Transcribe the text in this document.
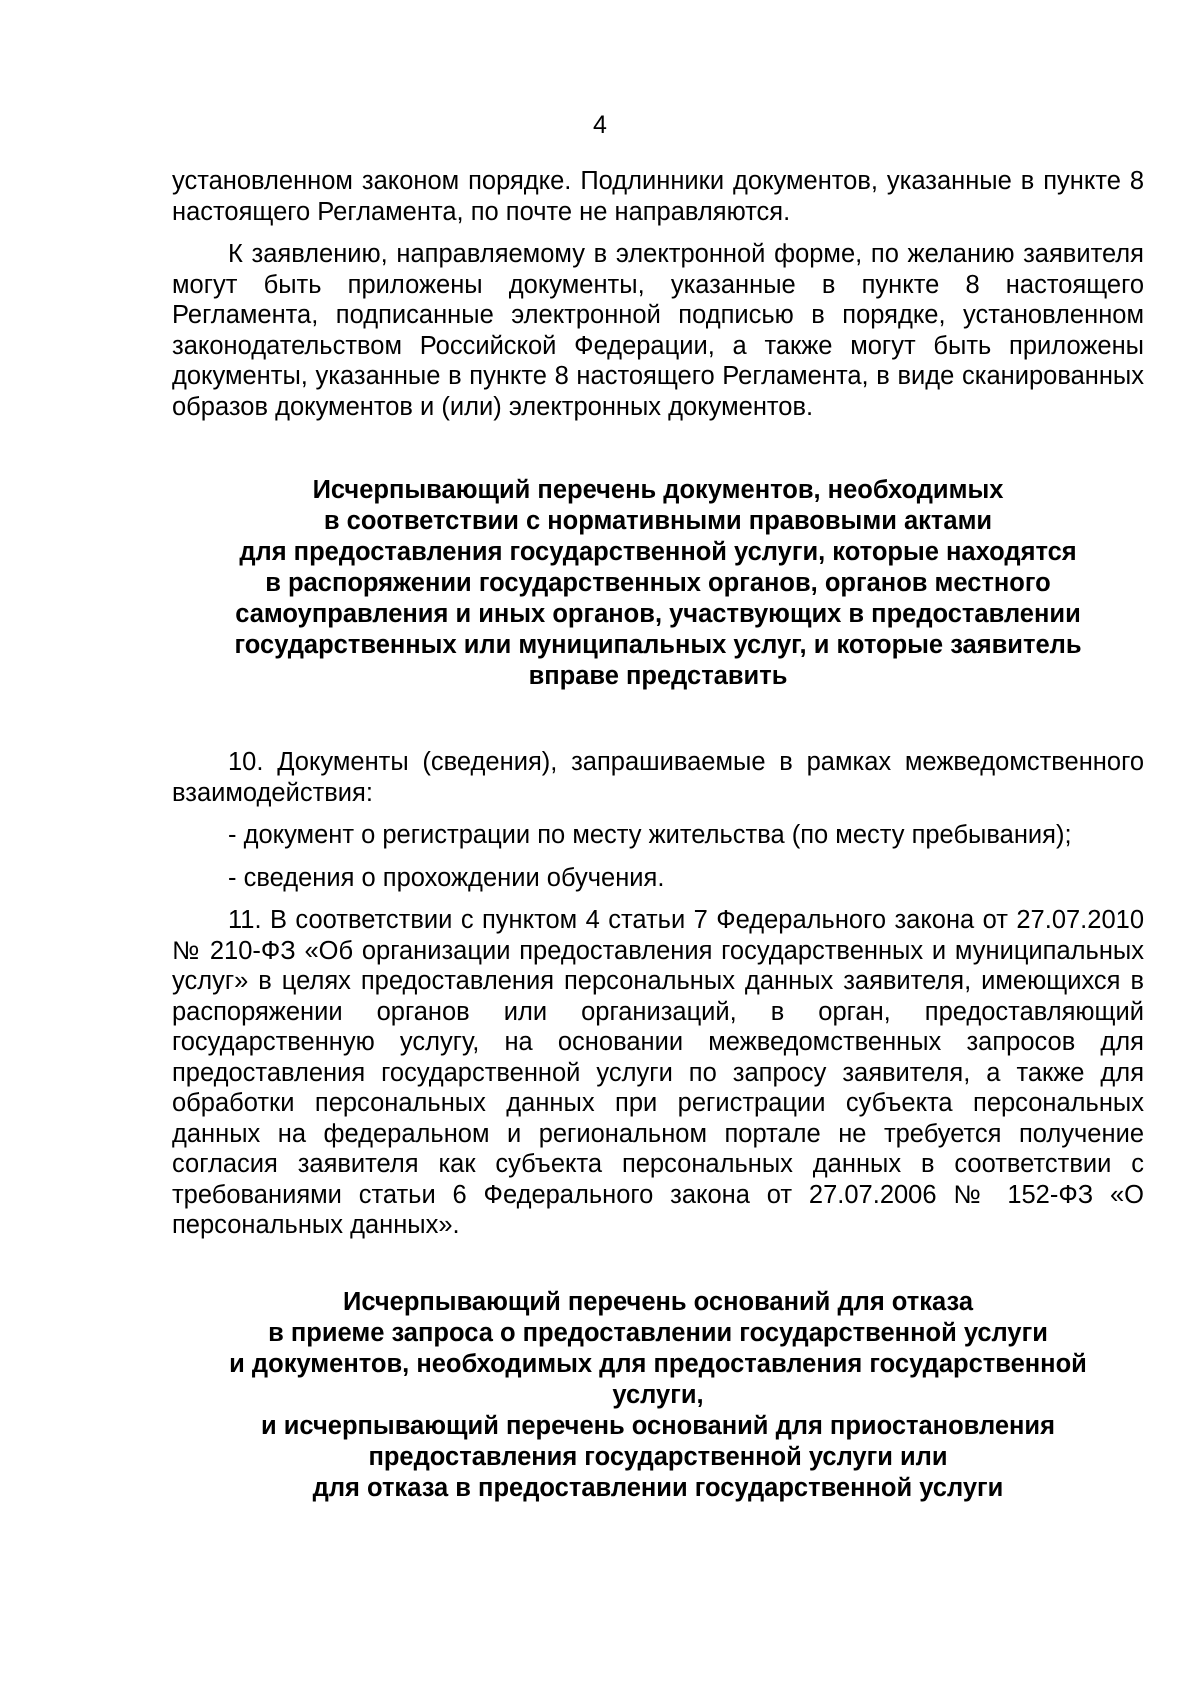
4

установленном законом порядке. Подлинники документов, указанные в пункте 8 настоящего Регламента, по почте не направляются.

К заявлению, направляемому в электронной форме, по желанию заявителя могут быть приложены документы, указанные в пункте 8 настоящего Регламента, подписанные электронной подписью в порядке, установленном законодательством Российской Федерации, а также могут быть приложены документы, указанные в пункте 8 настоящего Регламента, в виде сканированных образов документов и (или) электронных документов.

Исчерпывающий перечень документов, необходимых
в соответствии с нормативными правовыми актами
для предоставления государственной услуги, которые находятся
в распоряжении государственных органов, органов местного
самоуправления и иных органов, участвующих в предоставлении
государственных или муниципальных услуг, и которые заявитель
вправе представить

10. Документы (сведения), запрашиваемые в рамках межведомственного взаимодействия:

- документ о регистрации по месту жительства (по месту пребывания);

- сведения о прохождении обучения.

11. В соответствии с пунктом 4 статьи 7 Федерального закона от 27.07.2010 № 210-ФЗ «Об организации предоставления государственных и муниципальных услуг» в целях предоставления персональных данных заявителя, имеющихся в распоряжении органов или организаций, в орган, предоставляющий государственную услугу, на основании межведомственных запросов для предоставления государственной услуги по запросу заявителя, а также для обработки персональных данных при регистрации субъекта персональных данных на федеральном и региональном портале не требуется получение согласия заявителя как субъекта персональных данных в соответствии с требованиями статьи 6 Федерального закона от 27.07.2006 № 152-ФЗ «О персональных данных».

Исчерпывающий перечень оснований для отказа
в приеме запроса о предоставлении государственной услуги
и документов, необходимых для предоставления государственной
услуги,
и исчерпывающий перечень оснований для приостановления
предоставления государственной услуги или
для отказа в предоставлении государственной услуги
